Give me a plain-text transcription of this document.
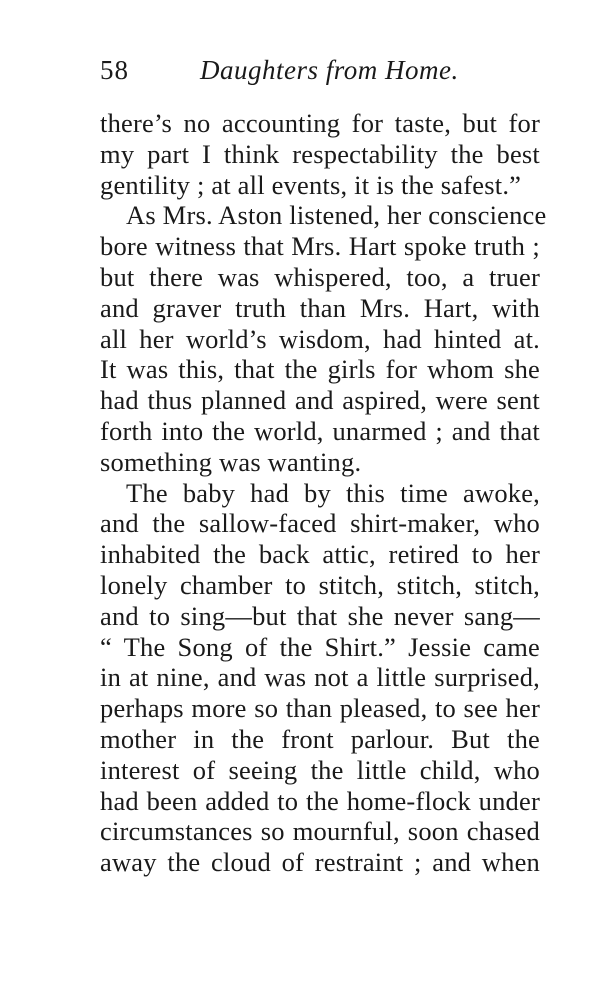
58	Daughters from Home.
there’s no accounting for taste, but for
my part I think respectability the best
gentility ; at all events, it is the safest.”
As Mrs. Aston listened, her conscience
bore witness that Mrs. Hart spoke truth ;
but there was whispered, too, a truer
and graver truth than Mrs. Hart, with
all her world’s wisdom, had hinted at.
It was this, that the girls for whom she
had thus planned and aspired, were sent
forth into the world, unarmed ; and that
something was wanting.
The baby had by this time awoke,
and the sallow-faced shirt-maker, who
inhabited the back attic, retired to her
lonely chamber to stitch, stitch, stitch,
and to sing—but that she never sang—
“ The Song of the Shirt.” Jessie came
in at nine, and was not a little surprised,
perhaps more so than pleased, to see her
mother in the front parlour. But the
interest of seeing the little child, who
had been added to the home-flock under
circumstances so mournful, soon chased
away the cloud of restraint ; and when
